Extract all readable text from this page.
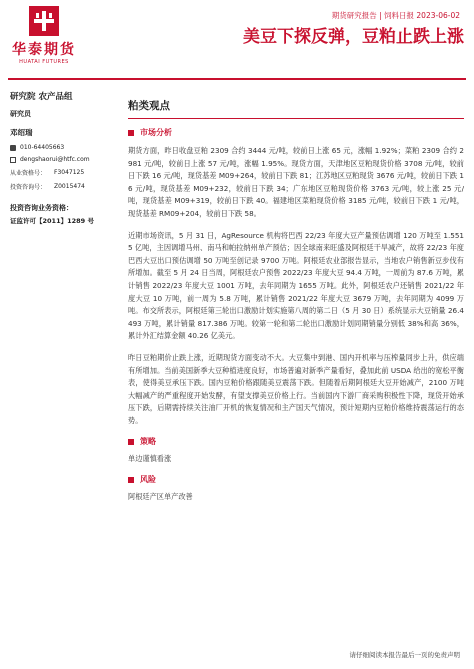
华泰期货
HUATAI FUTURES
期货研究报告 | 饲料日报 2023-06-02
美豆下探反弹，豆粕止跌上涨
研究院 农产品组
研究员
邓绍瑞
010-64405663
dengshaorui@htfc.com
从业资格号：	F3047125
投资咨询号：	Z0015474
投资咨询业务资格：
证监许可【2011】1289 号
粕类观点
市场分析

期货方面，昨日收盘豆粕 2309 合约 3444 元/吨，较前日上涨 65 元，涨幅 1.92%；菜粕 2309 合约 2981 元/吨，较前日上涨 57 元/吨，涨幅 1.95%。现货方面，天津地区豆粕现货价格 3708 元/吨，较前日下跌 16 元/吨，现货基差 M09+264，较前日下跌 81；江苏地区豆粕现货 3676 元/吨，较前日下跌 16 元/吨，现货基差 M09+232，较前日下跌 34；广东地区豆粕现货价格 3763 元/吨，较上涨 25 元/吨，现货基差 M09+319，较前日下跌 40。福建地区菜粕现货价格 3185 元/吨，较前日下跌 1 元/吨，现货基差 RM09+204，较前日下跌 58。

近期市场资讯，5 月 31 日，AgResource 机构将巴西 22/23 年度大豆产量预估调增 120 万吨至 1.5515 亿吨，主因调增马州、南马和帕拉纳州单产预估；因全球南来旺盛及阿根廷干旱减产，故将 22/23 年度巴西大豆出口预估调增 50 万吨至创记录 9700 万吨。阿根廷农业部报告显示，当地农户销售新豆步伐有所增加。截至 5 月 24 日当周，阿根廷农户预售 2022/23 年度大豆 94.4 万吨，一周前为 87.6 万吨，累计销售 2022/23 年度大豆 1001 万吨，去年同期为 1655 万吨。此外，阿根廷农户还销售 2021/22 年度大豆 10 万吨，前一周为 5.8 万吨，累计销售 2021/22 年度大豆 3679 万吨，去年同期为 4099 万吨。布交所表示，阿根廷第三轮出口激励计划实施第八周的第二日（5 月 30 日）系统显示大豆销量 26.4493 万吨，累计销量 817.386 万吨。较第一轮和第二轮出口激励计划同期销量分别低 38%和高 36%，累计外汇结算金额 40.26 亿美元。

昨日豆粕期价止跌上涨，近期现货方面变动不大。大豆集中到港、国内开机率与压榨量同步上升，供应端有所增加。当前美国新季大豆种植进度良好，市场普遍对新季产量看好，叠加此前 USDA 给出的宽松平衡表，使得美豆承压下跌。国内豆粕价格跟随美豆震荡下跌。但随着后期阿根廷大豆开始减产，2100 万吨大幅减产的严重程度开始发酵，有望支撑美豆价格上行。当前国内下游厂商采购积极性下降，现货开始承压下跌，后期需持续关注油厂开机的恢复情况和主产国天气情况，预计短期内豆粕价格维持震荡运行的态势。

策略
单边谨慎看涨
风险
阿根廷产区单产改善
请仔细阅读本报告最后一页的免责声明
